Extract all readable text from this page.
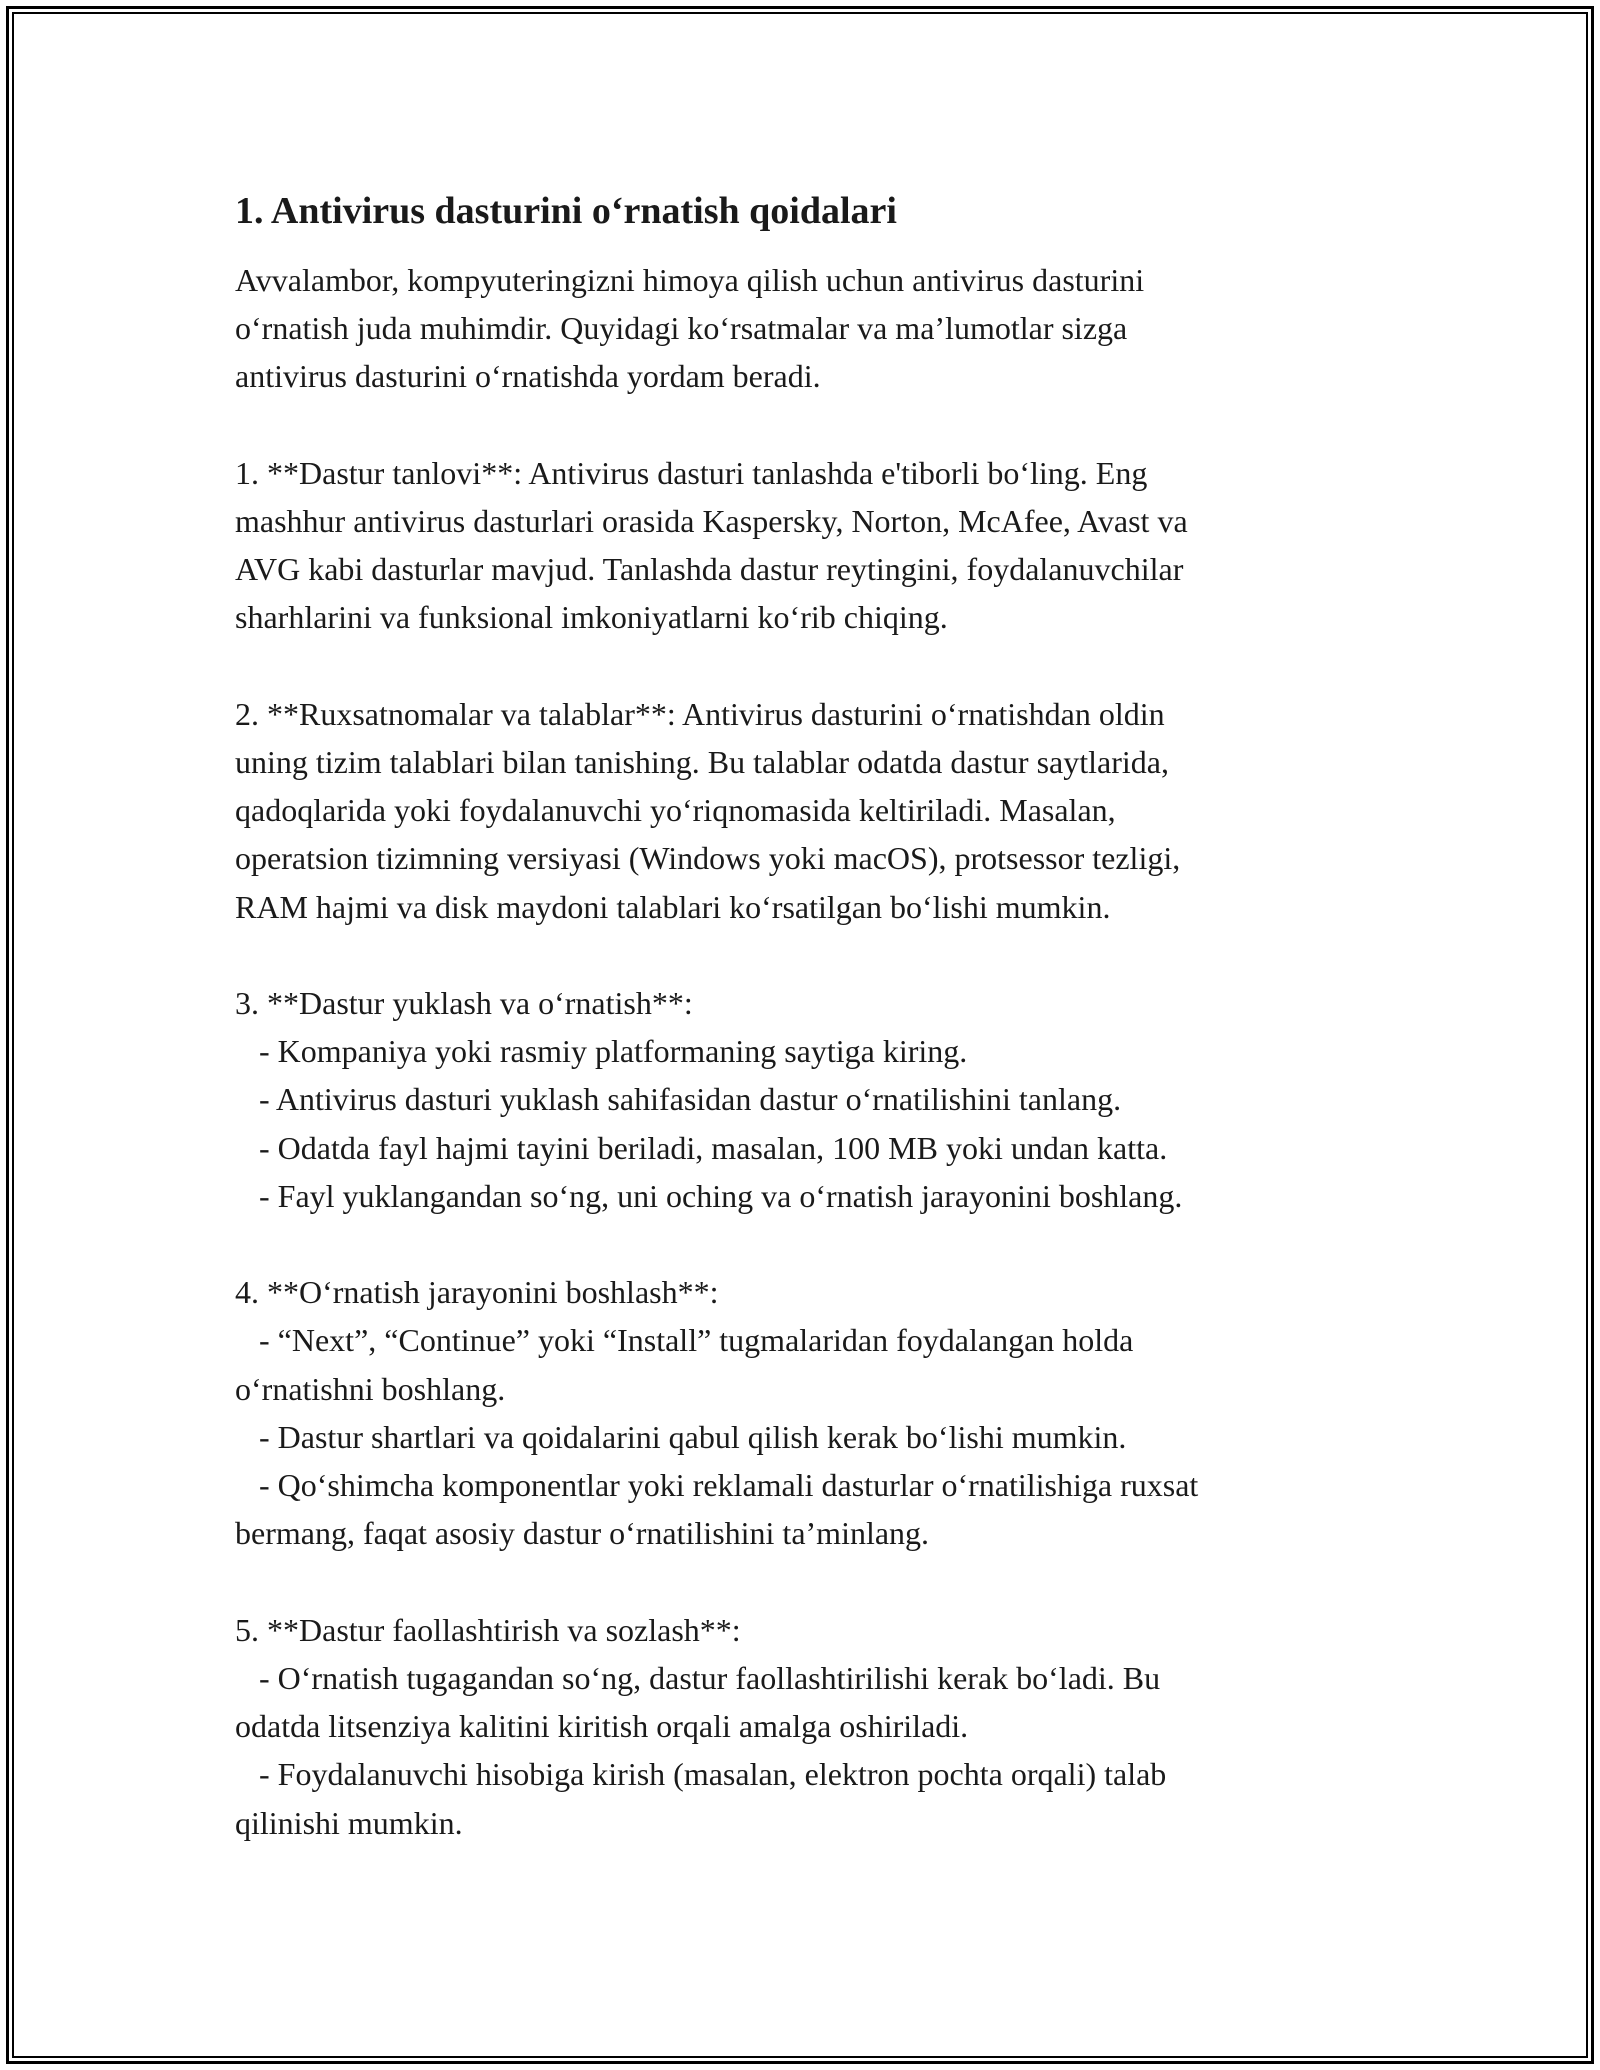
1. Antivirus dasturini oʻrnatish qoidalari
Avvalambor, kompyuteringizni himoya qilish uchun antivirus dasturini
oʻrnatish juda muhimdir. Quyidagi koʻrsatmalar va maʼlumotlar sizga
antivirus dasturini oʻrnatishda yordam beradi.

1. **Dastur tanlovi**: Antivirus dasturi tanlashda e'tiborli boʻling. Eng
mashhur antivirus dasturlari orasida Kaspersky, Norton, McAfee, Avast va
AVG kabi dasturlar mavjud. Tanlashda dastur reytingini, foydalanuvchilar
sharhlarini va funksional imkoniyatlarni koʻrib chiqing.

2. **Ruxsatnomalar va talablar**: Antivirus dasturini oʻrnatishdan oldin
uning tizim talablari bilan tanishing. Bu talablar odatda dastur saytlarida,
qadoqlarida yoki foydalanuvchi yoʻriqnomasida keltiriladi. Masalan,
operatsion tizimning versiyasi (Windows yoki macOS), protsessor tezligi,
RAM hajmi va disk maydoni talablari koʻrsatilgan boʻlishi mumkin.

3. **Dastur yuklash va oʻrnatish**:
- Kompaniya yoki rasmiy platformaning saytiga kiring.
- Antivirus dasturi yuklash sahifasidan dastur oʻrnatilishini tanlang.
- Odatda fayl hajmi tayini beriladi, masalan, 100 MB yoki undan katta.
- Fayl yuklangandan soʻng, uni oching va oʻrnatish jarayonini boshlang.

4. **Oʻrnatish jarayonini boshlash**:
- “Next”, “Continue” yoki “Install” tugmalaridan foydalangan holda
oʻrnatishni boshlang.
- Dastur shartlari va qoidalarini qabul qilish kerak boʻlishi mumkin.
- Qoʻshimcha komponentlar yoki reklamali dasturlar oʻrnatilishiga ruxsat
bermang, faqat asosiy dastur oʻrnatilishini taʼminlang.

5. **Dastur faollashtirish va sozlash**:
- Oʻrnatish tugagandan soʻng, dastur faollashtirilishi kerak boʻladi. Bu
odatda litsenziya kalitini kiritish orqali amalga oshiriladi.
- Foydalanuvchi hisobiga kirish (masalan, elektron pochta orqali) talab
qilinishi mumkin.
